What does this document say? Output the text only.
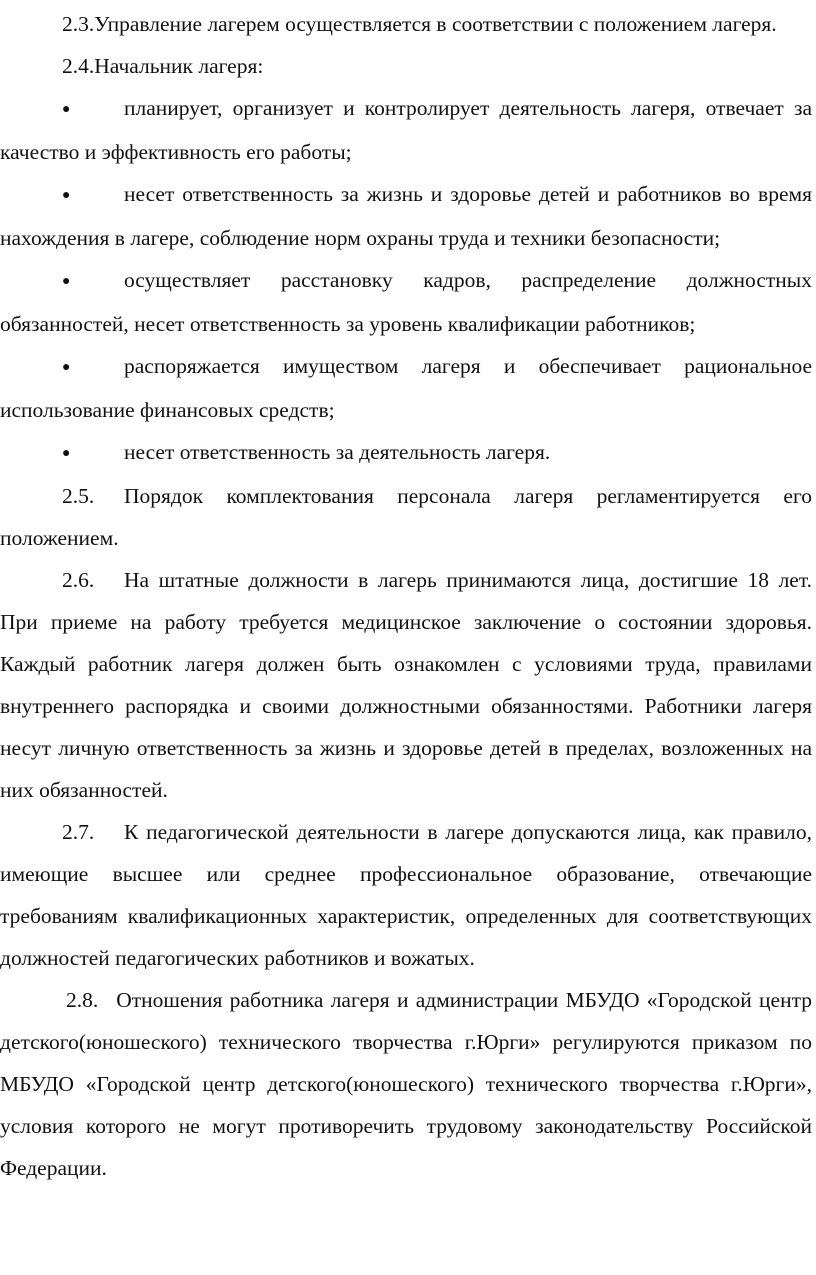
2.3.Управление лагерем осуществляется в соответствии с положением лагеря.

2.4.Начальник лагеря:

● планирует, организует и контролирует деятельность лагеря, отвечает за качество и эффективность его работы;

● несет ответственность за жизнь и здоровье детей и работников во время нахождения в лагере, соблюдение норм охраны труда и техники безопасности;

● осуществляет расстановку кадров, распределение должностных обязанностей, несет ответственность за уровень квалификации работников;

● распоряжается имуществом лагеря и обеспечивает рациональное использование финансовых средств;

● несет ответственность за деятельность лагеря.

2.5. Порядок комплектования персонала лагеря регламентируется его положением.

2.6. На штатные должности в лагерь принимаются лица, достигшие 18 лет. При приеме на работу требуется медицинское заключение о состоянии здоровья. Каждый работник лагеря должен быть ознакомлен с условиями труда, правилами внутреннего распорядка и своими должностными обязанностями. Работники лагеря несут личную ответственность за жизнь и здоровье детей в пределах, возложенных на них обязанностей.

2.7. К педагогической деятельности в лагере допускаются лица, как правило, имеющие высшее или среднее профессиональное образование, отвечающие требованиям квалификационных характеристик, определенных для соответствующих должностей педагогических работников и вожатых.

2.8. Отношения работника лагеря и администрации МБУДО «Городской центр детского(юношеского) технического творчества г.Юрги» регулируются приказом по МБУДО «Городской центр детского(юношеского) технического творчества г.Юрги», условия которого не могут противоречить трудовому законодательству Российской Федерации.
